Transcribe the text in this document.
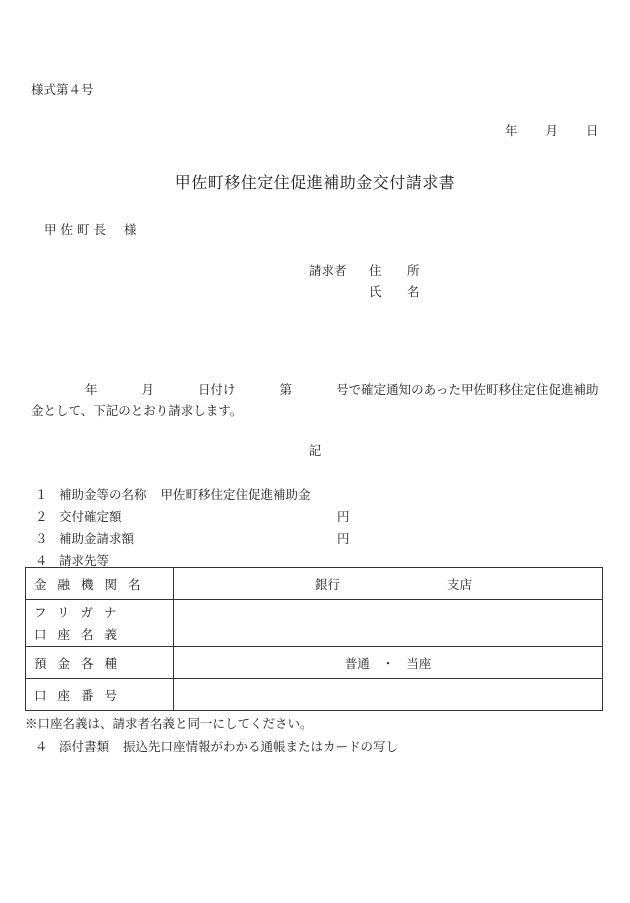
様式第４号
年 月 日
甲佐町移住定住促進補助金交付請求書
甲佐町長 様
請求者 住 所
氏 名
年	月	日付け	第	号で確定通知のあった甲佐町移住定住促進補助金として、下記のとおり請求します。
記
１ 補助金等の名称 甲佐町移住定住促進補助金
２ 交付確定額	円
３ 補助金請求額	円
４ 請求先等
金融機関名	銀行 支店

フリガナ
口座名義	

預金各種	普通 ・ 当座
口座番号	
※口座名義は、請求者名義と同一にしてください。
４ 添付書類 振込先口座情報がわかる通帳またはカードの写し
